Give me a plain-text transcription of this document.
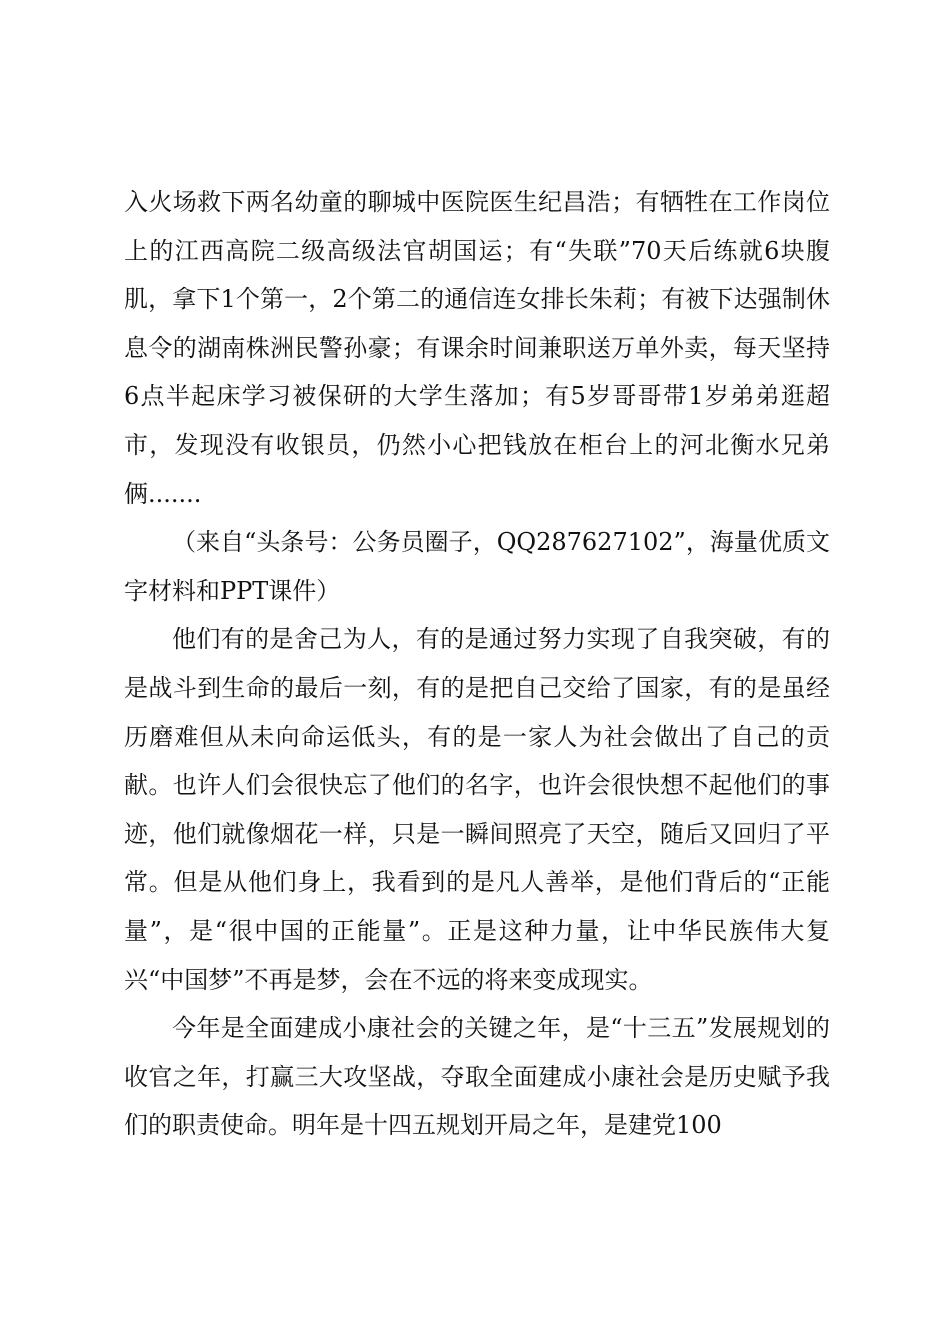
入火场救下两名幼童的聊城中医院医生纪昌浩；有牺牲在工作岗位上的江西高院二级高级法官胡国运；有“失联”70天后练就6块腹肌，拿下1个第一，2个第二的通信连女排长朱莉；有被下达强制休息令的湖南株洲民警孙豪；有课余时间兼职送万单外卖，每天坚持6点半起床学习被保研的大学生落加；有5岁哥哥带1岁弟弟逛超市，发现没有收银员，仍然小心把钱放在柜台上的河北衡水兄弟俩.......

（来自“头条号：公务员圈子，QQ287627102”，海量优质文字材料和PPT课件）

他们有的是舍己为人，有的是通过努力实现了自我突破，有的是战斗到生命的最后一刻，有的是把自己交给了国家，有的是虽经历磨难但从未向命运低头，有的是一家人为社会做出了自己的贡献。也许人们会很快忘了他们的名字，也许会很快想不起他们的事迹，他们就像烟花一样，只是一瞬间照亮了天空，随后又回归了平常。但是从他们身上，我看到的是凡人善举，是他们背后的“正能量”，是“很中国的正能量”。正是这种力量，让中华民族伟大复兴“中国梦”不再是梦，会在不远的将来变成现实。

今年是全面建成小康社会的关键之年，是“十三五”发展规划的收官之年，打赢三大攻坚战，夺取全面建成小康社会是历史赋予我们的职责使命。明年是十四五规划开局之年，是建党100
